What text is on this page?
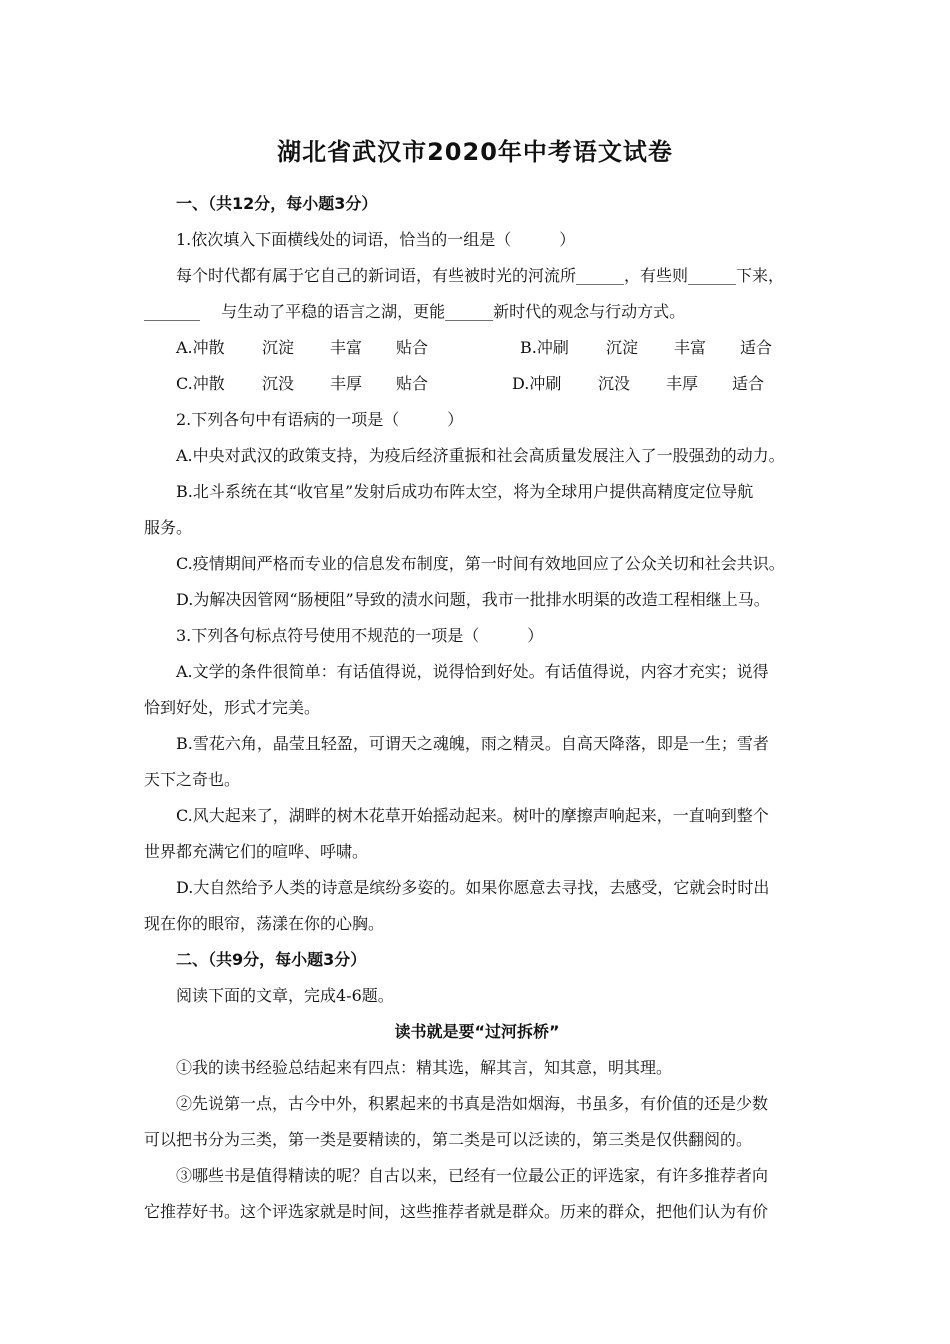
湖北省武汉市2020年中考语文试卷
一、（共12分，每小题3分）
1.依次填入下面横线处的词语，恰当的一组是（　　　）
每个时代都有属于它自己的新词语，有些被时光的河流所______，有些则______下来，
_______　 与生动了平稳的语言之湖，更能______新时代的观念与行动方式。
A.冲散 沉淀 丰富 贴合	B.冲刷 沉淀 丰富 适合
C.冲散 沉没 丰厚 贴合	D.冲刷 沉没 丰厚 适合
2.下列各句中有语病的一项是（　　　）
A.中央对武汉的政策支持，为疫后经济重振和社会高质量发展注入了一股强劲的动力。
B.北斗系统在其“收官星”发射后成功布阵太空，将为全球用户提供高精度定位导航
服务。
C.疫情期间严格而专业的信息发布制度，第一时间有效地回应了公众关切和社会共识。
D.为解决因管网“肠梗阻”导致的渍水问题，我市一批排水明渠的改造工程相继上马。
3.下列各句标点符号使用不规范的一项是（　　　）
A.文学的条件很简单：有话值得说，说得恰到好处。有话值得说，内容才充实；说得
恰到好处，形式才完美。
B.雪花六角，晶莹且轻盈，可谓天之魂魄，雨之精灵。自高天降落，即是一生；雪者
天下之奇也。
C.风大起来了，湖畔的树木花草开始摇动起来。树叶的摩擦声响起来，一直响到整个
世界都充满它们的喧哗、呼啸。
D.大自然给予人类的诗意是缤纷多姿的。如果你愿意去寻找，去感受，它就会时时出
现在你的眼帘，荡漾在你的心胸。
二、（共9分，每小题3分）
阅读下面的文章，完成4-6题。
读书就是要“过河拆桥”
①我的读书经验总结起来有四点：精其选，解其言，知其意，明其理。
②先说第一点，古今中外，积累起来的书真是浩如烟海，书虽多，有价值的还是少数
可以把书分为三类，第一类是要精读的，第二类是可以泛读的，第三类是仅供翻阅的。
③哪些书是值得精读的呢？自古以来，已经有一位最公正的评选家，有许多推荐者向
它推荐好书。这个评选家就是时间，这些推荐者就是群众。历来的群众，把他们认为有价
